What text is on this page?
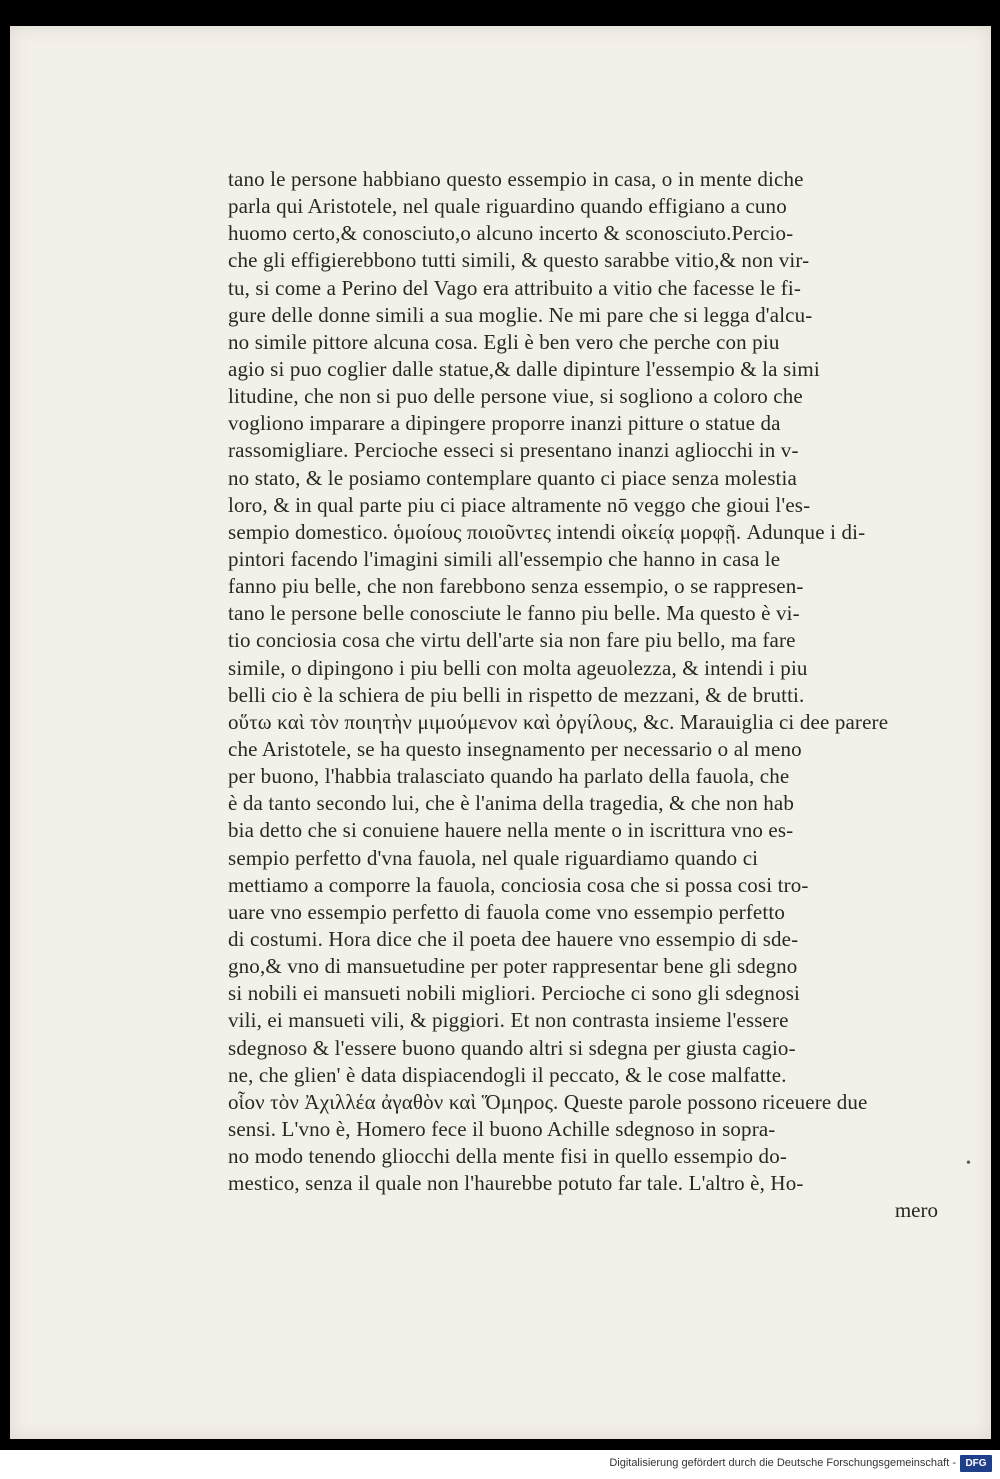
tano le persone habbiano questo essempio in casa, o in mente diche
parla qui Aristotele, nel quale riguardino quando effigiano a cuno
huomo certo,& conosciuto,o alcuno incerto & sconosciuto.Percio-
che gli effigierebbono tutti simili, & questo sarabbe vitio,& non vir-
tu, si come a Perino del Vago era attribuito a vitio che facesse le fi-
gure delle donne simili a sua moglie. Ne mi pare che si legga d'alcu-
no simile pittore alcuna cosa. Egli è ben vero che perche con piu
agio si puo coglier dalle statue,& dalle dipinture l'essempio & la simi
litudine, che non si puo delle persone viue, si sogliono a coloro che
vogliono imparare a dipingere proporre inanzi pitture o statue da
rassomigliare. Percioche esseci si presentano inanzi agliocchi in v-
no stato, & le posiamo contemplare quanto ci piace senza molestia
loro, & in qual parte piu ci piace altramente nō veggo che gioui l'es-
sempio domestico. ὁμοίους ποιοῦντες intendi οἰκείᾳ μορφῇ. Adunque i di-
pintori facendo l'imagini simili all'essempio che hanno in casa le
fanno piu belle, che non farebbono senza essempio, o se rappresen-
tano le persone belle conosciute le fanno piu belle. Ma questo è vi-
tio conciosia cosa che virtu dell'arte sia non fare piu bello, ma fare
simile, o dipingono i piu belli con molta ageuolezza, & intendi i piu
belli cio è la schiera de piu belli in rispetto de mezzani, & de brutti.
οὕτω καὶ τὸν ποιητὴν μιμούμενον καὶ ὀργίλους, &c. Marauiglia ci dee parere
che Aristotele, se ha questo insegnamento per necessario o al meno
per buono, l'habbia tralasciato quando ha parlato della fauola, che
è da tanto secondo lui, che è l'anima della tragedia, & che non hab
bia detto che si conuiene hauere nella mente o in iscrittura vno es-
sempio perfetto d'vna fauola, nel quale riguardiamo quando ci
mettiamo a comporre la fauola, conciosia cosa che si possa cosi tro-
uare vno essempio perfetto di fauola come vno essempio perfetto
di costumi. Hora dice che il poeta dee hauere vno essempio di sde-
gno,& vno di mansuetudine per poter rappresentar bene gli sdegno
si nobili ei mansueti nobili migliori. Percioche ci sono gli sdegnosi
vili, ei mansueti vili, & piggiori. Et non contrasta insieme l'essere
sdegnoso & l'essere buono quando altri si sdegna per giusta cagio-
ne, che glien' è data dispiacendogli il peccato, & le cose malfatte.
οἷον τὸν Ἀχιλλέα ἀγαθὸν καὶ Ὅμηρος. Queste parole possono riceuere due
sensi. L'vno è, Homero fece il buono Achille sdegnoso in sopra-
no modo tenendo gliocchi della mente fisi in quello essempio do-
mestico, senza il quale non l'haurebbe potuto far tale. L'altro è, Ho-
mero
•
Digitalisierung gefördert durch die Deutsche Forschungsgemeinschaft - DFG
